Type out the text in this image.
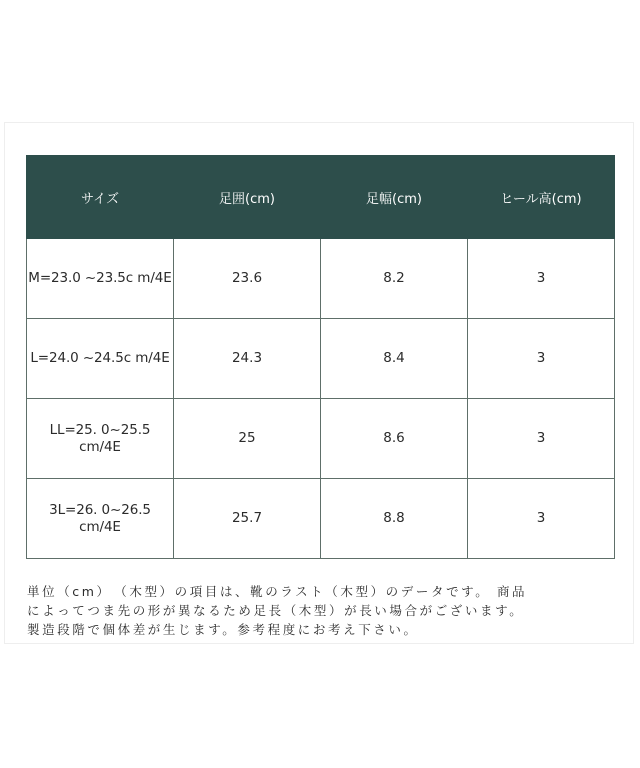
サイズ	足囲(cm)	足幅(cm)	ヒール高(cm)
M=23.0 ~23.5c m/4E	23.6	8.2	3
L=24.0 ~24.5c m/4E	24.3	8.4	3
LL=25. 0~25.5 cm/4E	25	8.6	3
3L=26. 0~26.5 cm/4E	25.7	8.8	3
単位（cm）　（木型）の項目は、靴のラスト（木型）のデータです。 商品
によってつま先の形が異なるため足長（木型）が長い場合がございます。
製造段階で個体差が生じます。参考程度にお考え下さい。
